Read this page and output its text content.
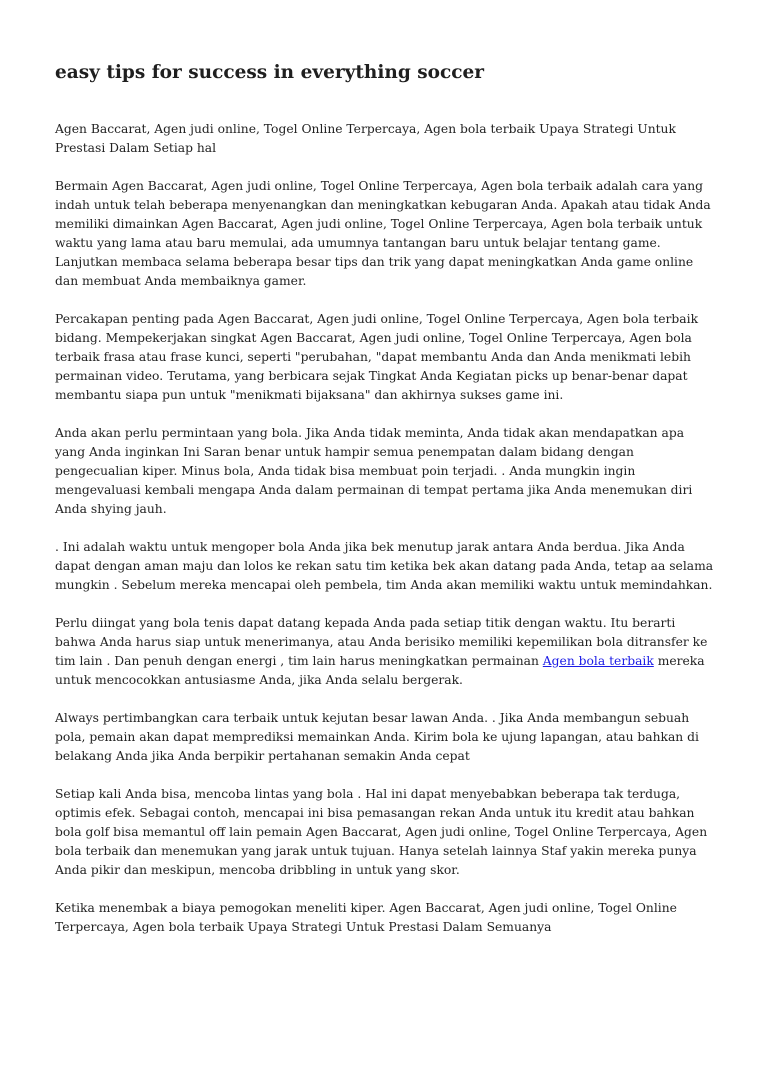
easy tips for success in everything soccer

Agen Baccarat, Agen judi online, Togel Online Terpercaya, Agen bola terbaik Upaya Strategi Untuk Prestasi Dalam Setiap hal

Bermain Agen Baccarat, Agen judi online, Togel Online Terpercaya, Agen bola terbaik adalah cara yang indah untuk telah beberapa menyenangkan dan meningkatkan kebugaran Anda. Apakah atau tidak Anda memiliki dimainkan Agen Baccarat, Agen judi online, Togel Online Terpercaya, Agen bola terbaik untuk waktu yang lama atau baru memulai, ada umumnya tantangan baru untuk belajar tentang game. Lanjutkan membaca selama beberapa besar tips dan trik yang dapat meningkatkan Anda game online dan membuat Anda membaiknya gamer.

Percakapan penting pada Agen Baccarat, Agen judi online, Togel Online Terpercaya, Agen bola terbaik bidang. Mempekerjakan singkat Agen Baccarat, Agen judi online, Togel Online Terpercaya, Agen bola terbaik frasa atau frase kunci, seperti "perubahan, "dapat membantu Anda dan Anda menikmati lebih permainan video. Terutama, yang berbicara sejak Tingkat Anda Kegiatan picks up benar-benar dapat membantu siapa pun untuk "menikmati bijaksana" dan akhirnya sukses game ini.

Anda akan perlu permintaan yang bola. Jika Anda tidak meminta, Anda tidak akan mendapatkan apa yang Anda inginkan Ini Saran benar untuk hampir semua penempatan dalam bidang dengan pengecualian kiper. Minus bola, Anda tidak bisa membuat poin terjadi. . Anda mungkin ingin mengevaluasi kembali mengapa Anda dalam permainan di tempat pertama jika Anda menemukan diri Anda shying jauh.

. Ini adalah waktu untuk mengoper bola Anda jika bek menutup jarak antara Anda berdua. Jika Anda dapat dengan aman maju dan lolos ke rekan satu tim ketika bek akan datang pada Anda, tetap aa selama mungkin . Sebelum mereka mencapai oleh pembela, tim Anda akan memiliki waktu untuk memindahkan.

Perlu diingat yang bola tenis dapat datang kepada Anda pada setiap titik dengan waktu. Itu berarti bahwa Anda harus siap untuk menerimanya, atau Anda berisiko memiliki kepemilikan bola ditransfer ke tim lain . Dan penuh dengan energi , tim lain harus meningkatkan permainan Agen bola terbaik mereka untuk mencocokkan antusiasme Anda, jika Anda selalu bergerak.

Always pertimbangkan cara terbaik untuk kejutan besar lawan Anda. . Jika Anda membangun sebuah pola, pemain akan dapat memprediksi memainkan Anda. Kirim bola ke ujung lapangan, atau bahkan di belakang Anda jika Anda berpikir pertahanan semakin Anda cepat

Setiap kali Anda bisa, mencoba lintas yang bola . Hal ini dapat menyebabkan beberapa tak terduga, optimis efek. Sebagai contoh, mencapai ini bisa pemasangan rekan Anda untuk itu kredit atau bahkan bola golf bisa memantul off lain pemain Agen Baccarat, Agen judi online, Togel Online Terpercaya, Agen bola terbaik dan menemukan yang jarak untuk tujuan. Hanya setelah lainnya Staf yakin mereka punya Anda pikir dan meskipun, mencoba dribbling in untuk yang skor.

Ketika menembak a biaya pemogokan meneliti kiper. Agen Baccarat, Agen judi online, Togel Online Terpercaya, Agen bola terbaik Upaya Strategi Untuk Prestasi Dalam Semuanya
